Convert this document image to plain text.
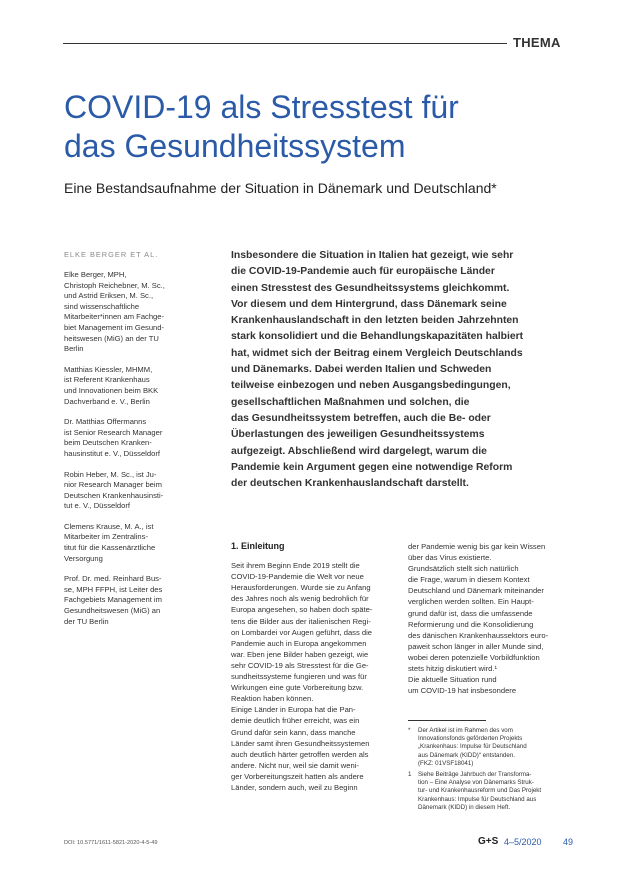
THEMA
COVID-19 als Stresstest für
das Gesundheitssystem
Eine Bestandsaufnahme der Situation in Dänemark und Deutschland*
ELKE BERGER ET AL.
Elke Berger, MPH,
Christoph Reichebner, M. Sc.,
und Astrid Eriksen, M. Sc.,
sind wissenschaftliche
Mitarbeiter*innen am Fachge-
biet Management im Gesund-
heitswesen (MiG) an der TU
Berlin
Matthias Kiessler, MHMM,
ist Referent Krankenhaus
und Innovationen beim BKK
Dachverband e. V., Berlin
Dr. Matthias Offermanns
ist Senior Research Manager
beim Deutschen Kranken-
hausinstitut e. V., Düsseldorf
Robin Heber, M. Sc., ist Ju-
nior Research Manager beim
Deutschen Krankenhausinsti-
tut e. V., Düsseldorf
Clemens Krause, M. A., ist
Mitarbeiter im Zentralins-
titut für die Kassenärztliche
Versorgung
Prof. Dr. med. Reinhard Bus-
se, MPH FFPH, ist Leiter des
Fachgebiets Management im
Gesundheitswesen (MiG) an
der TU Berlin
Insbesondere die Situation in Italien hat gezeigt, wie sehr
die COVID-19-Pandemie auch für europäische Länder
einen Stresstest des Gesundheitssystems gleichkommt.
Vor diesem und dem Hintergrund, dass Dänemark seine
Krankenhauslandschaft in den letzten beiden Jahrzehnten
stark konsolidiert und die Behandlungskapazitäten halbiert
hat, widmet sich der Beitrag einem Vergleich Deutschlands
und Dänemarks. Dabei werden Italien und Schweden
teilweise einbezogen und neben Ausgangsbedingungen,
gesellschaftlichen Maßnahmen und solchen, die
das Gesundheitssystem betreffen, auch die Be- oder
Überlastungen des jeweiligen Gesundheitssystems
aufgezeigt. Abschließend wird dargelegt, warum die
Pandemie kein Argument gegen eine notwendige Reform
der deutschen Krankenhauslandschaft darstellt.
1. Einleitung
Seit ihrem Beginn Ende 2019 stellt die
COVID-19-Pandemie die Welt vor neue
Herausforderungen. Wurde sie zu Anfang
des Jahres noch als wenig bedrohlich für
Europa angesehen, so haben doch späte-
tens die Bilder aus der italienischen Regi-
on Lombardei vor Augen geführt, dass die
Pandemie auch in Europa angekommen
war. Eben jene Bilder haben gezeigt, wie
sehr COVID-19 als Stresstest für die Ge-
sundheitssysteme fungieren und was für
Wirkungen eine gute Vorbereitung bzw.
Reaktion haben können.
Einige Länder in Europa hat die Pan-
demie deutlich früher erreicht, was ein
Grund dafür sein kann, dass manche
Länder samt ihren Gesundheitssystemen
auch deutlich härter getroffen werden als
andere. Nicht nur, weil sie damit weni-
ger Vorbereitungszeit hatten als andere
Länder, sondern auch, weil zu Beginn
der Pandemie wenig bis gar kein Wissen
über das Virus existierte.
Grundsätzlich stellt sich natürlich
die Frage, warum in diesem Kontext
Deutschland und Dänemark miteinander
verglichen werden sollten. Ein Haupt-
grund dafür ist, dass die umfassende
Reformierung und die Konsolidierung
des dänischen Krankenhaussektors euro-
paweit schon länger in aller Munde sind,
wobei deren potenzielle Vorbildfunktion
stets hitzig diskutiert wird.¹
Die aktuelle Situation rund
um COVID-19 hat insbesondere
*	Der Artikel ist im Rahmen des vom
Innovationsfonds geförderten Projekts
„Krankenhaus: Impulse für Deutschland
aus Dänemark (KIDD)“ entstanden.
(FKZ: 01VSF18041)
1	Siehe Beiträge Jahrbuch der Transforma-
tion – Eine Analyse von Dänemarks Struk-
tur- und Krankenhausreform und Das Projekt
Krankenhaus: Impulse für Deutschland aus
Dänemark (KIDD) in diesem Heft.
DOI: 10.5771/1611-5821-2020-4-5-49	G+S 4–5/2020 49
